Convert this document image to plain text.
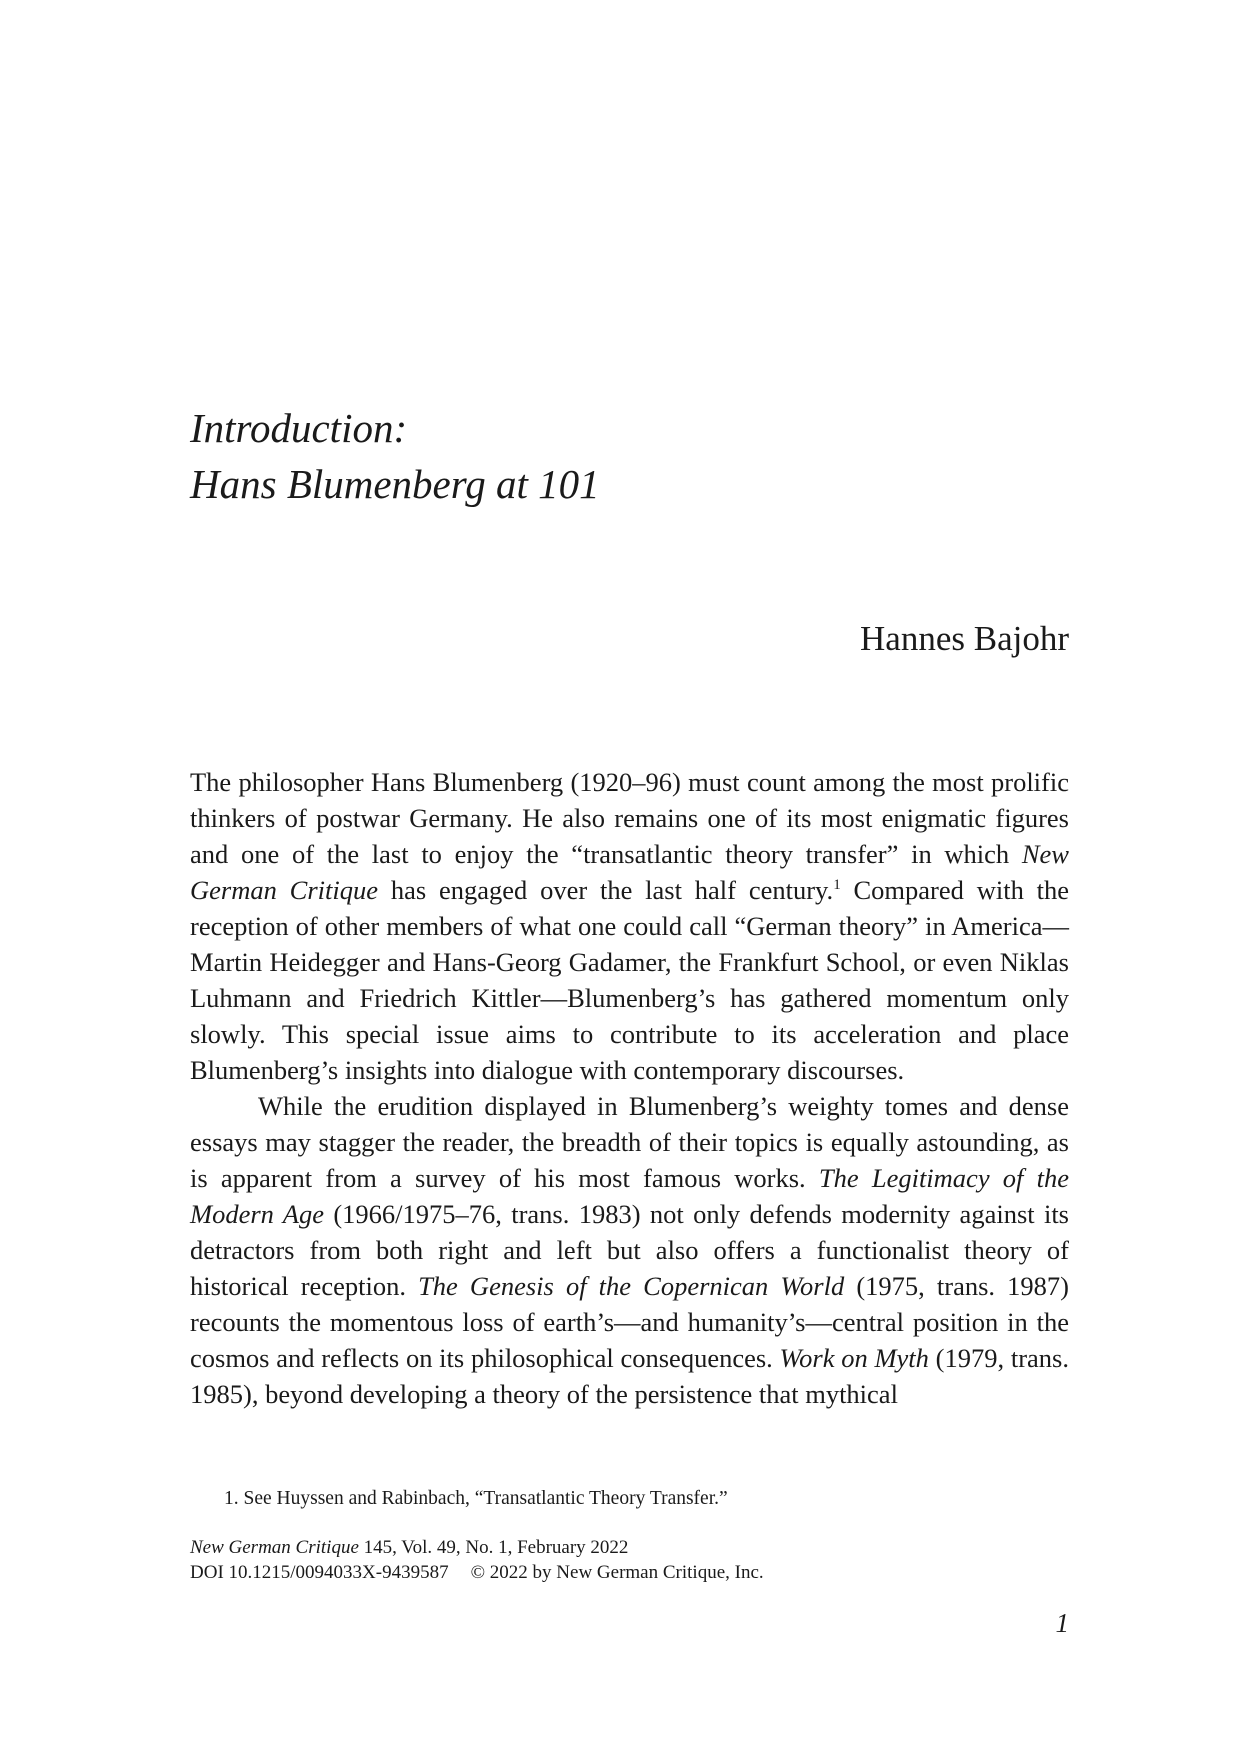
Introduction:
Hans Blumenberg at 101
Hannes Bajohr

The philosopher Hans Blumenberg (1920–96) must count among the most prolific thinkers of postwar Germany. He also remains one of its most enigmatic figures and one of the last to enjoy the “transatlantic theory transfer” in which New German Critique has engaged over the last half century.$^1$ Compared with the reception of other members of what one could call “German theory” in America—Martin Heidegger and Hans-Georg Gadamer, the Frankfurt School, or even Niklas Luhmann and Friedrich Kittler—Blumenberg’s has gathered momentum only slowly. This special issue aims to contribute to its acceleration and place Blumenberg’s insights into dialogue with contemporary discourses.

While the erudition displayed in Blumenberg’s weighty tomes and dense essays may stagger the reader, the breadth of their topics is equally astounding, as is apparent from a survey of his most famous works. The Legitimacy of the Modern Age (1966/1975–76, trans. 1983) not only defends modernity against its detractors from both right and left but also offers a functionalist theory of historical reception. The Genesis of the Copernican World (1975, trans. 1987) recounts the momentous loss of earth’s—and humanity’s—central position in the cosmos and reflects on its philosophical consequences. Work on Myth (1979, trans. 1985), beyond developing a theory of the persistence that mythical

1. See Huyssen and Rabinbach, “Transatlantic Theory Transfer.”
New German Critique 145, Vol. 49, No. 1, February 2022
DOI 10.1215/0094033X-9439587 © 2022 by New German Critique, Inc.
1
